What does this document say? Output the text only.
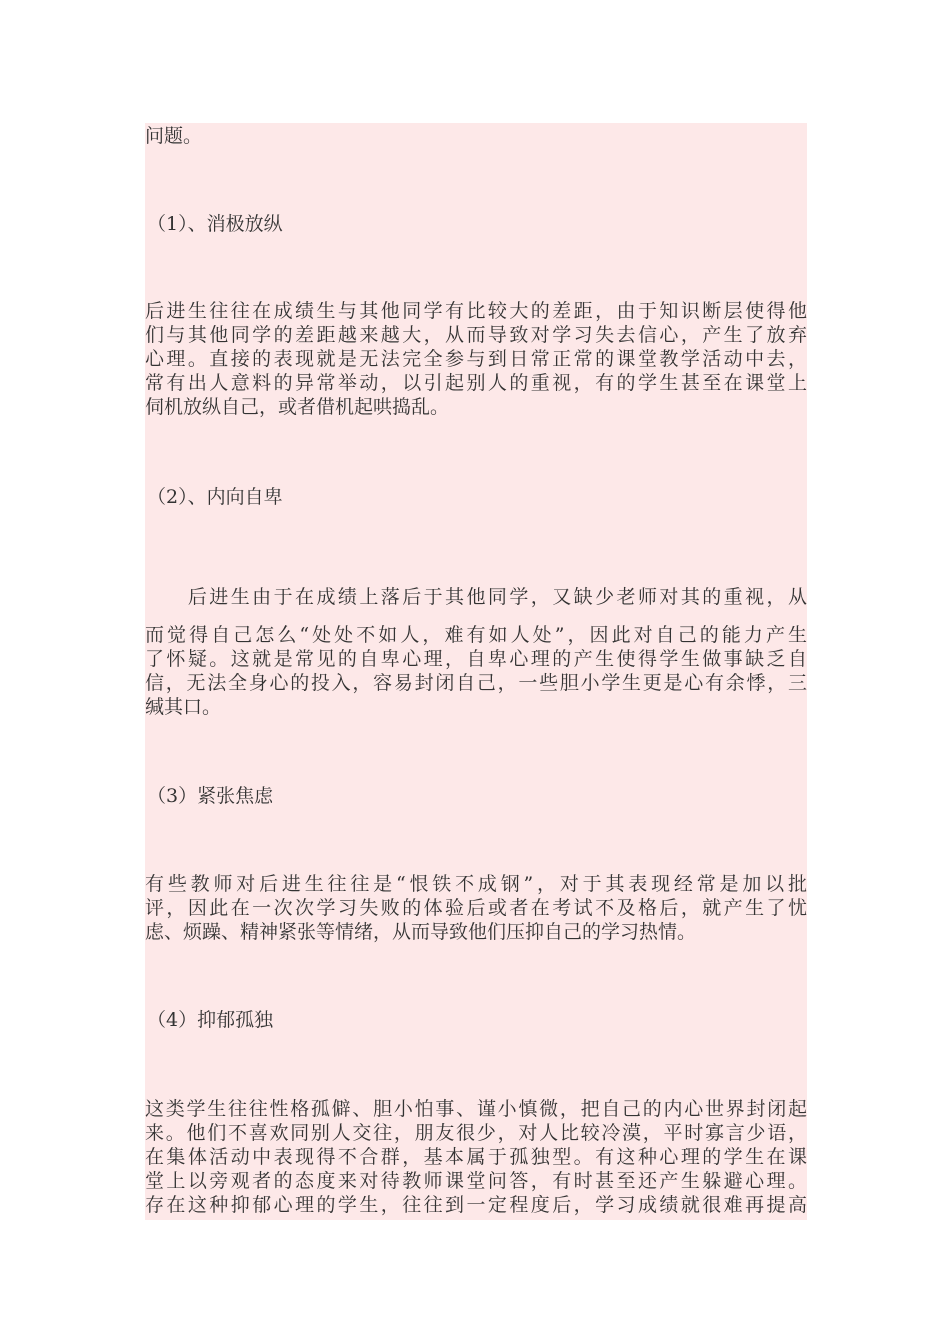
问题。
（1）、消极放纵
后进生往往在成绩生与其他同学有比较大的差距，由于知识断层使得他
们与其他同学的差距越来越大，从而导致对学习失去信心，产生了放弃
心理。直接的表现就是无法完全参与到日常正常的课堂教学活动中去，
常有出人意料的异常举动，以引起别人的重视，有的学生甚至在课堂上
伺机放纵自己，或者借机起哄捣乱。
（2）、内向自卑
　　后进生由于在成绩上落后于其他同学，又缺少老师对其的重视，从
而觉得自己怎么“处处不如人，难有如人处”，因此对自己的能力产生
了怀疑。这就是常见的自卑心理，自卑心理的产生使得学生做事缺乏自
信，无法全身心的投入，容易封闭自己，一些胆小学生更是心有余悸，三
缄其口。
（3）紧张焦虑
有些教师对后进生往往是“恨铁不成钢”，对于其表现经常是加以批
评，因此在一次次学习失败的体验后或者在考试不及格后，就产生了忧
虑、烦躁、精神紧张等情绪，从而导致他们压抑自己的学习热情。
（4）抑郁孤独
这类学生往往性格孤僻、胆小怕事、谨小慎微，把自己的内心世界封闭起
来。他们不喜欢同别人交往，朋友很少，对人比较冷漠，平时寡言少语，
在集体活动中表现得不合群，基本属于孤独型。有这种心理的学生在课
堂上以旁观者的态度来对待教师课堂问答，有时甚至还产生躲避心理。
存在这种抑郁心理的学生，往往到一定程度后，学习成绩就很难再提高
